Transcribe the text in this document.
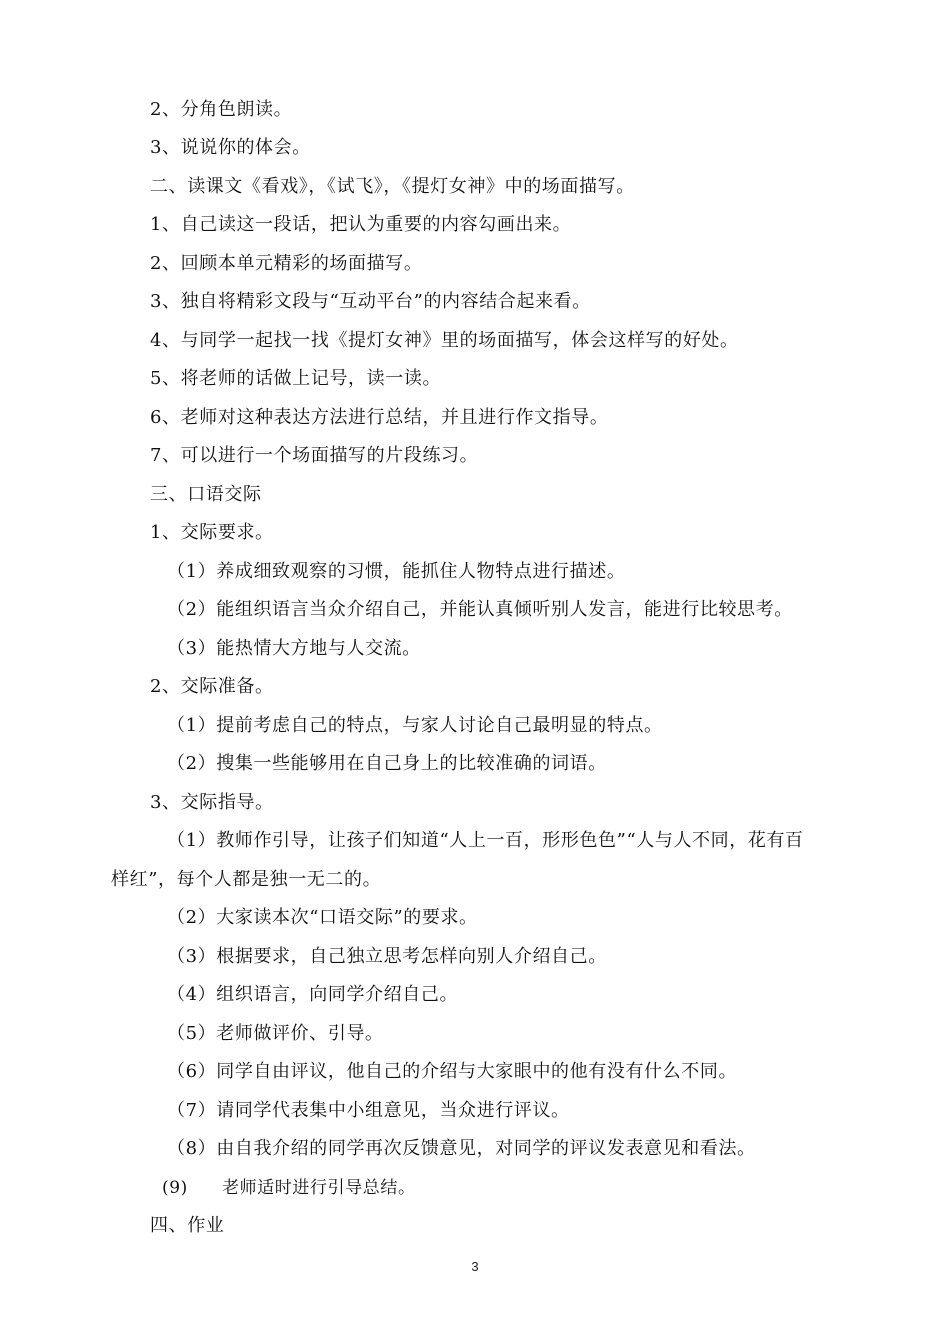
2、分角色朗读。
3、说说你的体会。
二、读课文《看戏》，《试飞》，《提灯女神》中的场面描写。
1、自己读这一段话，把认为重要的内容勾画出来。
2、回顾本单元精彩的场面描写。
3、独自将精彩文段与“互动平台”的内容结合起来看。
4、与同学一起找一找《提灯女神》里的场面描写，体会这样写的好处。
5、将老师的话做上记号，读一读。
6、老师对这种表达方法进行总结，并且进行作文指导。
7、可以进行一个场面描写的片段练习。
三、口语交际
1、交际要求。
（1）养成细致观察的习惯，能抓住人物特点进行描述。
（2）能组织语言当众介绍自己，并能认真倾听别人发言，能进行比较思考。
（3）能热情大方地与人交流。
2、交际准备。
（1）提前考虑自己的特点，与家人讨论自己最明显的特点。
（2）搜集一些能够用在自己身上的比较准确的词语。
3、交际指导。
（1）教师作引导，让孩子们知道“人上一百，形形色色”“人与人不同，花有百
样红”，每个人都是独一无二的。
（2）大家读本次“口语交际”的要求。
（3）根据要求，自己独立思考怎样向别人介绍自己。
（4）组织语言，向同学介绍自己。
（5）老师做评价、引导。
（6）同学自由评议，他自己的介绍与大家眼中的他有没有什么不同。
（7）请同学代表集中小组意见，当众进行评议。
（8）由自我介绍的同学再次反馈意见，对同学的评议发表意见和看法。
(9) 老师适时进行引导总结。
四、作业
3
